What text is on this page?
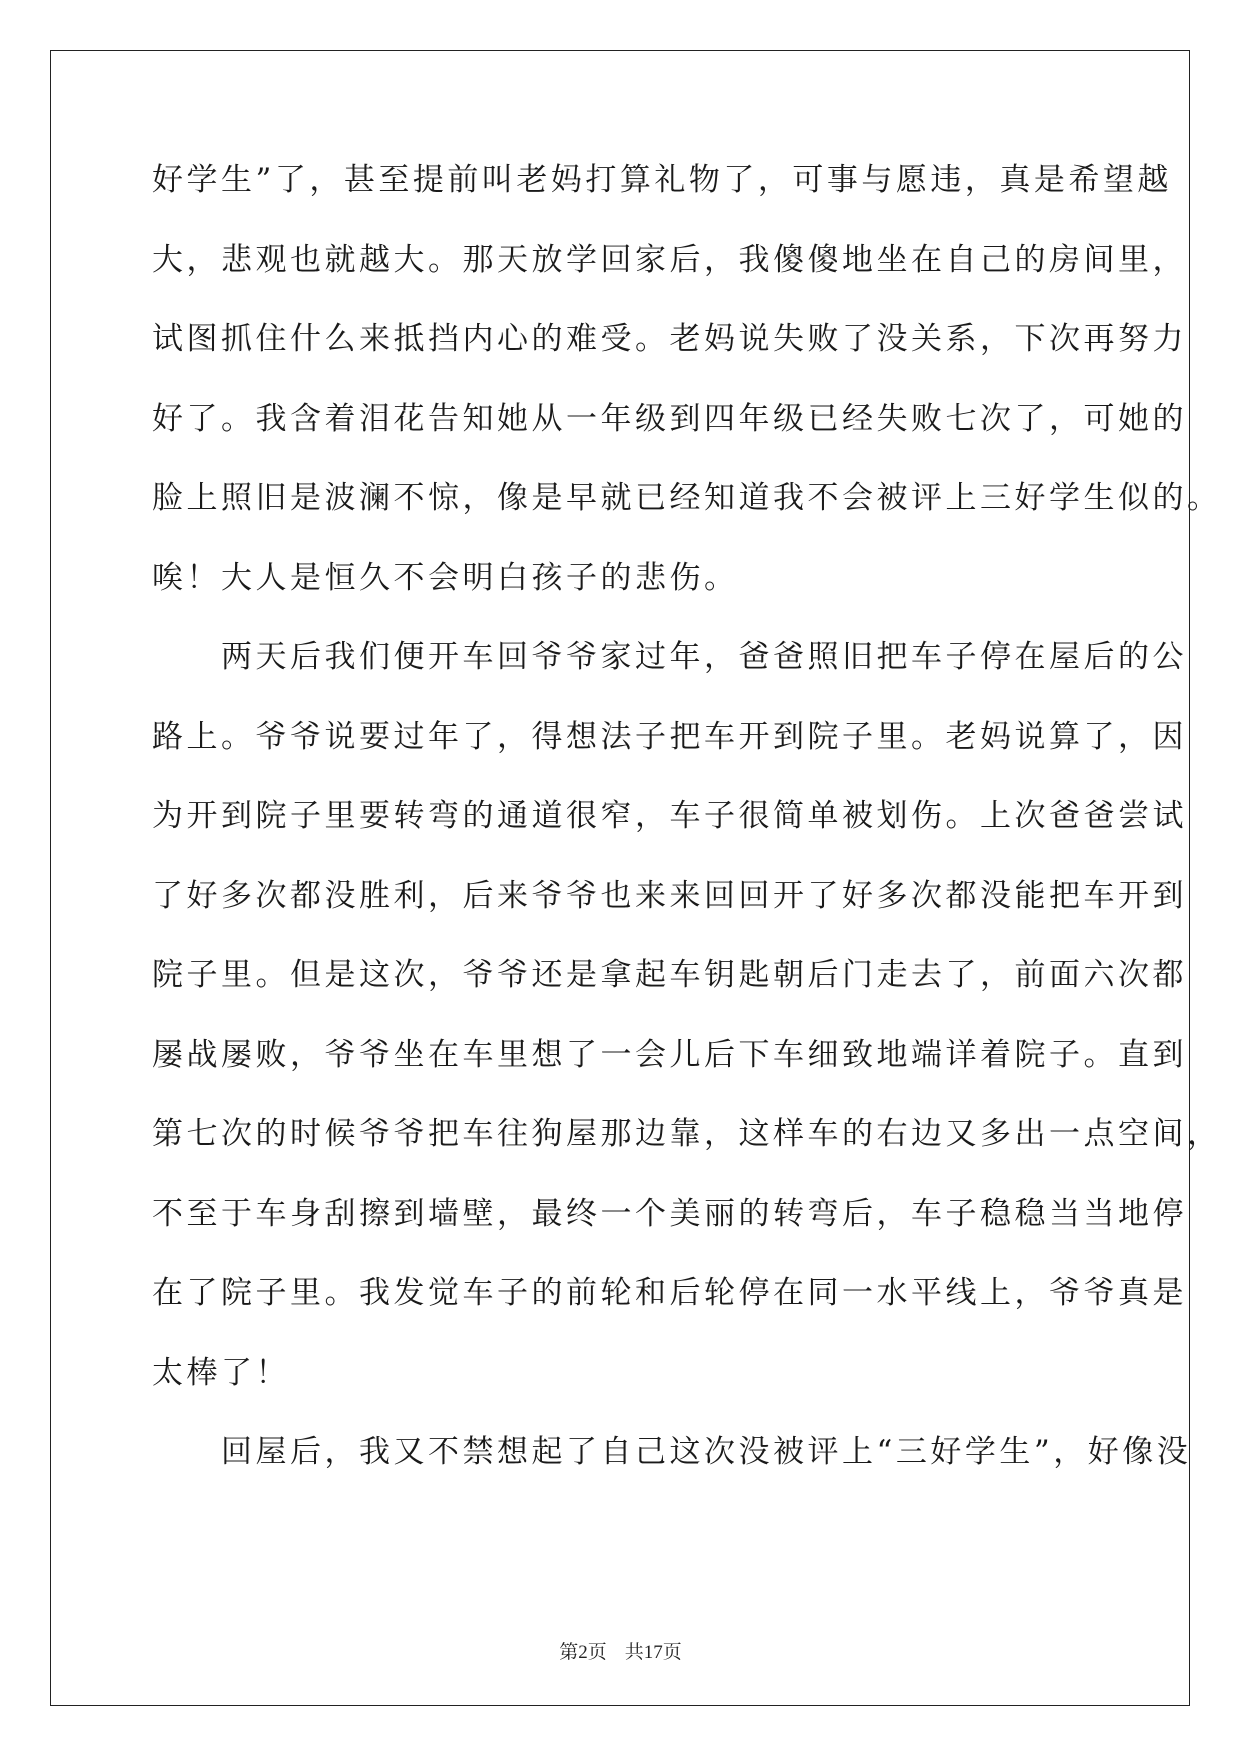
好学生”了，甚至提前叫老妈打算礼物了，可事与愿违，真是希望越
大，悲观也就越大。那天放学回家后，我傻傻地坐在自己的房间里，
试图抓住什么来抵挡内心的难受。老妈说失败了没关系，下次再努力
好了。我含着泪花告知她从一年级到四年级已经失败七次了，可她的
脸上照旧是波澜不惊，像是早就已经知道我不会被评上三好学生似的。
唉！大人是恒久不会明白孩子的悲伤。
　　两天后我们便开车回爷爷家过年，爸爸照旧把车子停在屋后的公
路上。爷爷说要过年了，得想法子把车开到院子里。老妈说算了，因
为开到院子里要转弯的通道很窄，车子很简单被划伤。上次爸爸尝试
了好多次都没胜利，后来爷爷也来来回回开了好多次都没能把车开到
院子里。但是这次，爷爷还是拿起车钥匙朝后门走去了，前面六次都
屡战屡败，爷爷坐在车里想了一会儿后下车细致地端详着院子。直到
第七次的时候爷爷把车往狗屋那边靠，这样车的右边又多出一点空间，
不至于车身刮擦到墙壁，最终一个美丽的转弯后，车子稳稳当当地停
在了院子里。我发觉车子的前轮和后轮停在同一水平线上，爷爷真是
太棒了！
　　回屋后，我又不禁想起了自己这次没被评上“三好学生”，好像没
第2页 共17页
